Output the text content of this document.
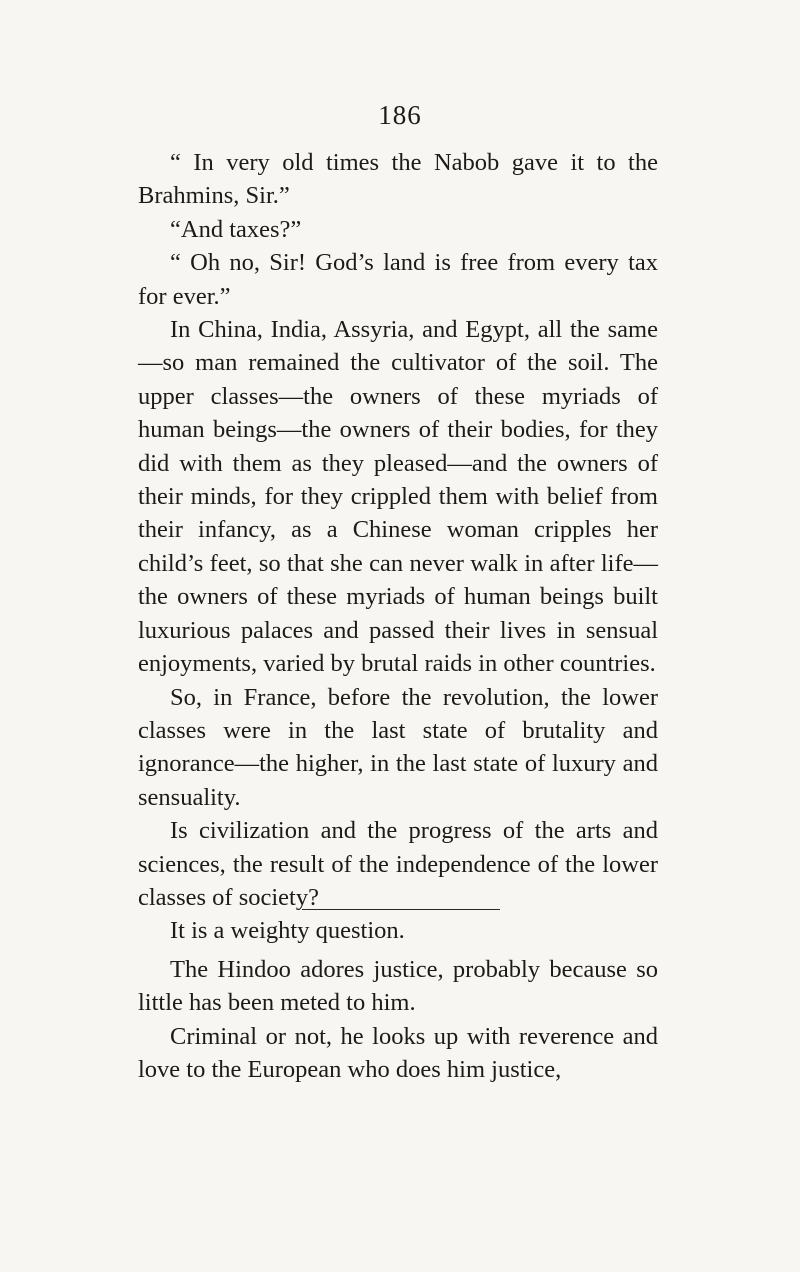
186

“ In very old times the Nabob gave it to the Brahmins, Sir.”

“And taxes?”

“ Oh no, Sir! God’s land is free from every tax for ever.”

In China, India, Assyria, and Egypt, all the same—so man remained the cultivator of the soil. The upper classes—the owners of these myriads of human beings—the owners of their bodies, for they did with them as they pleased—and the owners of their minds, for they crippled them with belief from their infancy, as a Chinese woman cripples her child’s feet, so that she can never walk in after life—the owners of these myriads of human beings built luxurious palaces and passed their lives in sensual enjoyments, varied by brutal raids in other countries.

So, in France, before the revolution, the lower classes were in the last state of brutality and ignorance—the higher, in the last state of luxury and sensuality.

Is civilization and the progress of the arts and sciences, the result of the independence of the lower classes of society?

It is a weighty question.

The Hindoo adores justice, probably because so little has been meted to him.

Criminal or not, he looks up with reverence and love to the European who does him justice,
